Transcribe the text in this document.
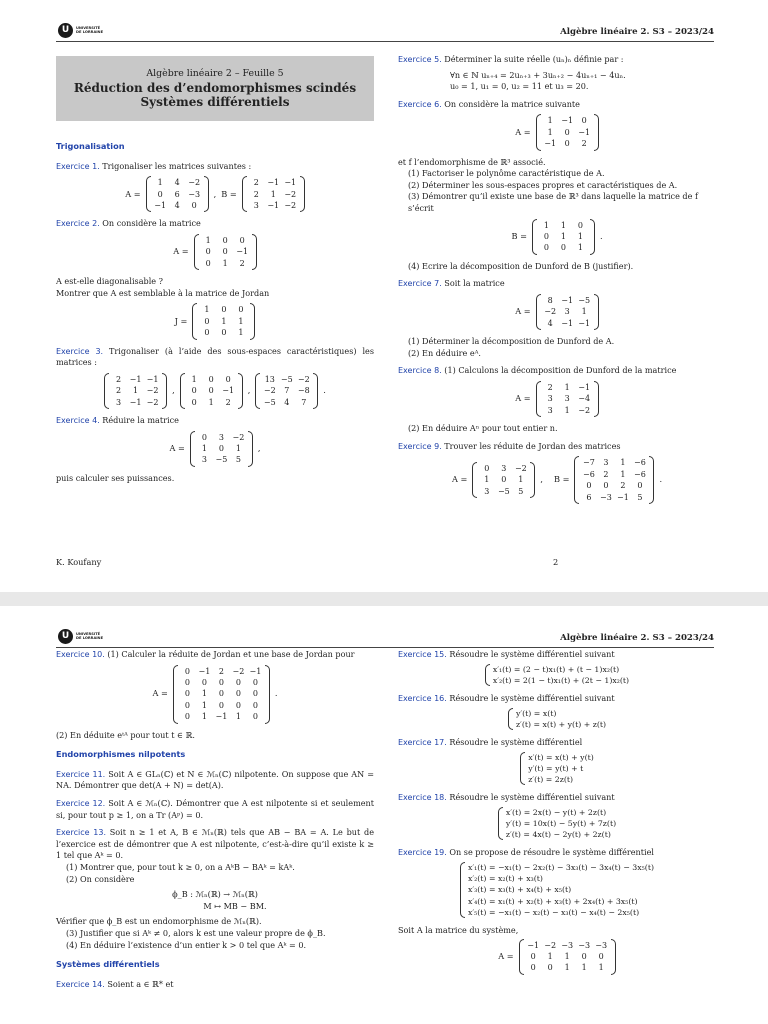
U	UNIVERSITÉ
DE LORRAINE	Algèbre linéaire 2. S3 – 2023/24
Algèbre linéaire 2 – Feuille 5
Réduction des d’endomorphismes scindés
Systèmes différentiels
Trigonalisation

Exercice 1. Trigonaliser les matrices suivantes :

A =
1	4	−2
0	6	−3
−1	4	0
, B =
2	−1 −1
2	1	−2
3	−1 −2

Exercice 2. On considère la matrice

A =
1	0	0
0	0	−1
0	1	2

A est-elle diagonalisable ?

Montrer que A est semblable à la matrice de Jordan

J =
1	0	0
0	1	1
0	0	1

Exercice 3. Trigonaliser (à l’aide des sous-espaces caractéristiques) les matrices :

2	−1 −1
2	1	−2
3	−1 −2
,
1	0	0
0	0	−1
0	1	2
,
13 −5 −2
−2	7	−8
−5	4	7
.

Exercice 4. Réduire la matrice

A =
0	3	−2
1	0	1
3	−5	5
,

puis calculer ses puissances.

Exercice 5. Déterminer la suite réelle (uₙ)ₙ définie par :

∀n ∈ ℕ uₙ₊₄ = 2uₙ₊₃ + 3uₙ₊₂ − 4uₙ₊₁ − 4uₙ.
u₀ = 1, u₁ = 0, u₂ = 11 et u₃ = 20.

Exercice 6. On considère la matrice suivante

A =
1	−1	0
1	0	−1
−1	0	2

et f l’endomorphisme de ℝ³ associé.

(1) Factoriser le polynôme caractéristique de A.

(2) Déterminer les sous-espaces propres et caractéristiques de A.

(3) Démontrer qu’il existe une base de ℝ³ dans laquelle la matrice de f s’écrit

B =
1	1	0
0	1	1
0	0	1
.

(4) Ecrire la décomposition de Dunford de B (justifier).

Exercice 7. Soit la matrice

A =
8	−1 −5
−2	3	1
4	−1 −1

(1) Déterminer la décomposition de Dunford de A.

(2) En déduire eᴬ.

Exercice 8. (1) Calculons la décomposition de Dunford de la matrice

A =
2	1	−1
3	3	−4
3	1	−2

(2) En déduire Aⁿ pour tout entier n.

Exercice 9. Trouver les réduite de Jordan des matrices

A =
0	3	−2
1	0	1
3	−5	5
, B =
−7	3	1	−6
−6	2	1	−6
0	0	2	0
6	−3 −1	5
.
K. Koufany	2
U	UNIVERSITÉ
DE LORRAINE	Algèbre linéaire 2. S3 – 2023/24

Exercice 10. (1) Calculer la réduite de Jordan et une base de Jordan pour

A =
0	−1	2	−2 −1
0	0	0	0	0
0	1	0	0	0
0	1	0	0	0
0	1	−1	1	0
.

(2) En déduite eᵗᴬ pour tout t ∈ ℝ.

Endomorphismes nilpotents

Exercice 11. Soit A ∈ GLₙ(ℂ) et N ∈ ℳₙ(ℂ) nilpotente. On suppose que AN = NA. Démontrer que det(A + N) = det(A).

Exercice 12. Soit A ∈ ℳₙ(ℂ). Démontrer que A est nilpotente si et seulement si, pour tout p ≥ 1, on a Tr (Aᵖ) = 0.

Exercice 13. Soit n ≥ 1 et A, B ∈ ℳₙ(ℝ) tels que AB − BA = A. Le but de l’exercice est de démontrer que A est nilpotente, c’est-à-dire qu’il existe k ≥ 1 tel que Aᵏ = 0.

(1) Montrer que, pour tout k ≥ 0, on a AᵏB − BAᵏ = kAᵏ.

(2) On considère

ϕ_B : ℳₙ(ℝ) → ℳₙ(ℝ)
M ↦ MB − BM.

Vérifier que ϕ_B est un endomorphisme de ℳₙ(ℝ).

(3) Justifier que si Aᵏ ≠ 0, alors k est une valeur propre de ϕ_B.

(4) En déduire l’existence d’un entier k > 0 tel que Aᵏ = 0.

Systèmes différentiels

Exercice 14. Soient a ∈ ℝ* et

Exercice 15. Résoudre le système différentiel suivant

x′₁(t) = (2 − t)x₁(t) + (t − 1)x₂(t)
x′₂(t) = 2(1 − t)x₁(t) + (2t − 1)x₂(t)

Exercice 16. Résoudre le système différentiel suivant

y′(t) = x(t)
z′(t) = x(t) + y(t) + z(t)

Exercice 17. Résoudre le système différentiel

x′(t) = x(t) + y(t)
y′(t) = y(t) + t
z′(t) = 2z(t)

Exercice 18. Résoudre le système différentiel suivant

x′(t) = 2x(t) − y(t) + 2z(t)
y′(t) = 10x(t) − 5y(t) + 7z(t)
z′(t) = 4x(t) − 2y(t) + 2z(t)

Exercice 19. On se propose de résoudre le système différentiel

x′₁(t) = −x₁(t) − 2x₂(t) − 3x₃(t) − 3x₄(t) − 3x₅(t)
x′₂(t) = x₂(t) + x₃(t)
x′₃(t) = x₃(t) + x₄(t) + x₅(t)
x′₄(t) = x₁(t) + x₂(t) + x₃(t) + 2x₄(t) + 3x₅(t)
x′₅(t) = −x₁(t) − x₂(t) − x₃(t) − x₄(t) − 2x₅(t)

Soit A la matrice du système,

A =
−1 −2 −3 −3 −3
0	1	1	0	0
0	0	1	1	1
